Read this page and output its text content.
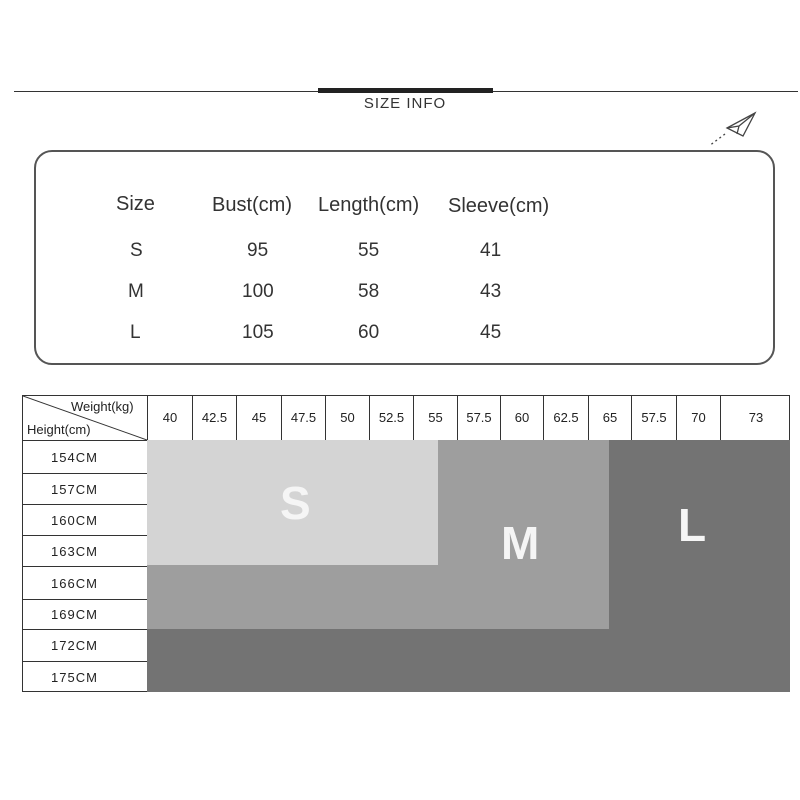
SIZE INFO
Size	Bust(cm) Length(cm) Sleeve(cm)
S	95	55	41
M	100	58	43
L	105	60	45
S
M	L
Weight(kg)
Height(cm)
40	42.5	45	47.5	50	52.5	55	57.5	60	62.5	65	57.5	70	73
154CM
157CM
160CM
163CM
166CM
169CM
172CM
175CM
